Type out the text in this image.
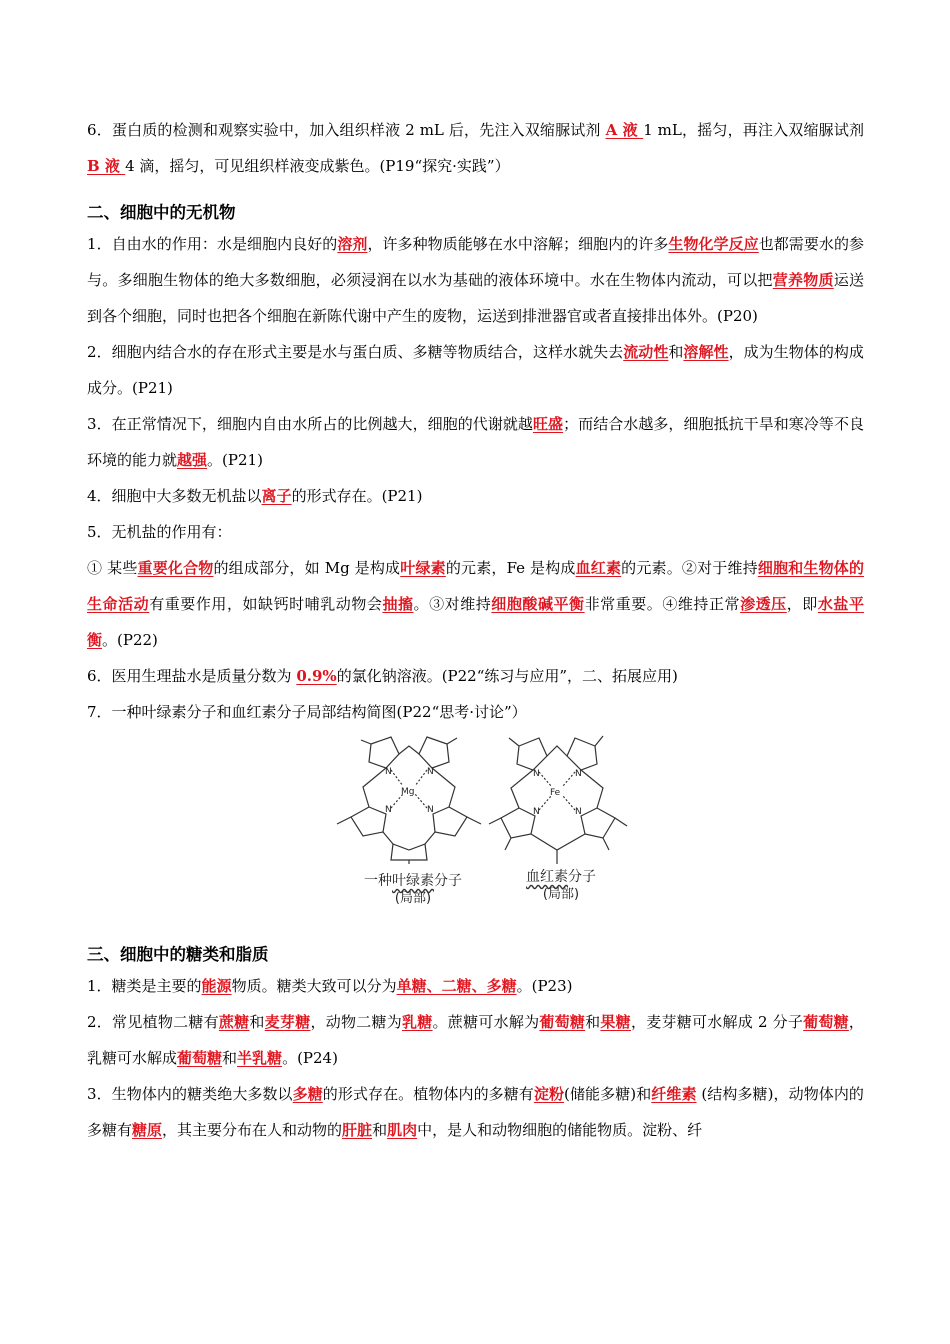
6．蛋白质的检测和观察实验中，加入组织样液 2 mL 后，先注入双缩脲试剂 A 液 1 mL，摇匀，再注入双缩脲试剂 B 液 4 滴，摇匀，可见组织样液变成紫色。(P19“探究·实践”）

二、细胞中的无机物

1．自由水的作用：水是细胞内良好的溶剂，许多种物质能够在水中溶解；细胞内的许多生物化学反应也都需要水的参与。多细胞生物体的绝大多数细胞，必须浸润在以水为基础的液体环境中。水在生物体内流动，可以把营养物质运送到各个细胞，同时也把各个细胞在新陈代谢中产生的废物，运送到排泄器官或者直接排出体外。(P20)

2．细胞内结合水的存在形式主要是水与蛋白质、多糖等物质结合，这样水就失去流动性和溶解性，成为生物体的构成成分。(P21)

3．在正常情况下，细胞内自由水所占的比例越大，细胞的代谢就越旺盛；而结合水越多，细胞抵抗干旱和寒冷等不良环境的能力就越强。(P21)

4．细胞中大多数无机盐以离子的形式存在。(P21)

5．无机盐的作用有：

① 某些重要化合物的组成部分，如 Mg 是构成叶绿素的元素，Fe 是构成血红素的元素。②对于维持细胞和生物体的生命活动有重要作用，如缺钙时哺乳动物会抽搐。③对维持细胞酸碱平衡非常重要。④维持正常渗透压，即水盐平衡。(P22)

6．医用生理盐水是质量分数为 0.9%的氯化钠溶液。(P22“练习与应用”，二、拓展应用)

7．一种叶绿素分子和血红素分子局部结构简图(P22“思考·讨论”）

N	N
N	N
Mg
N	N
N	N
Fe
一种叶绿素分子
(局部)
血红素分子
(局部)
三、细胞中的糖类和脂质

1．糖类是主要的能源物质。糖类大致可以分为单糖、二糖、多糖。(P23)

2．常见植物二糖有蔗糖和麦芽糖，动物二糖为乳糖。蔗糖可水解为葡萄糖和果糖，麦芽糖可水解成 2 分子葡萄糖，乳糖可水解成葡萄糖和半乳糖。(P24)

3．生物体内的糖类绝大多数以多糖的形式存在。植物体内的多糖有淀粉(储能多糖)和纤维素 (结构多糖)，动物体内的多糖有糖原，其主要分布在人和动物的肝脏和肌肉中，是人和动物细胞的储能物质。淀粉、纤
